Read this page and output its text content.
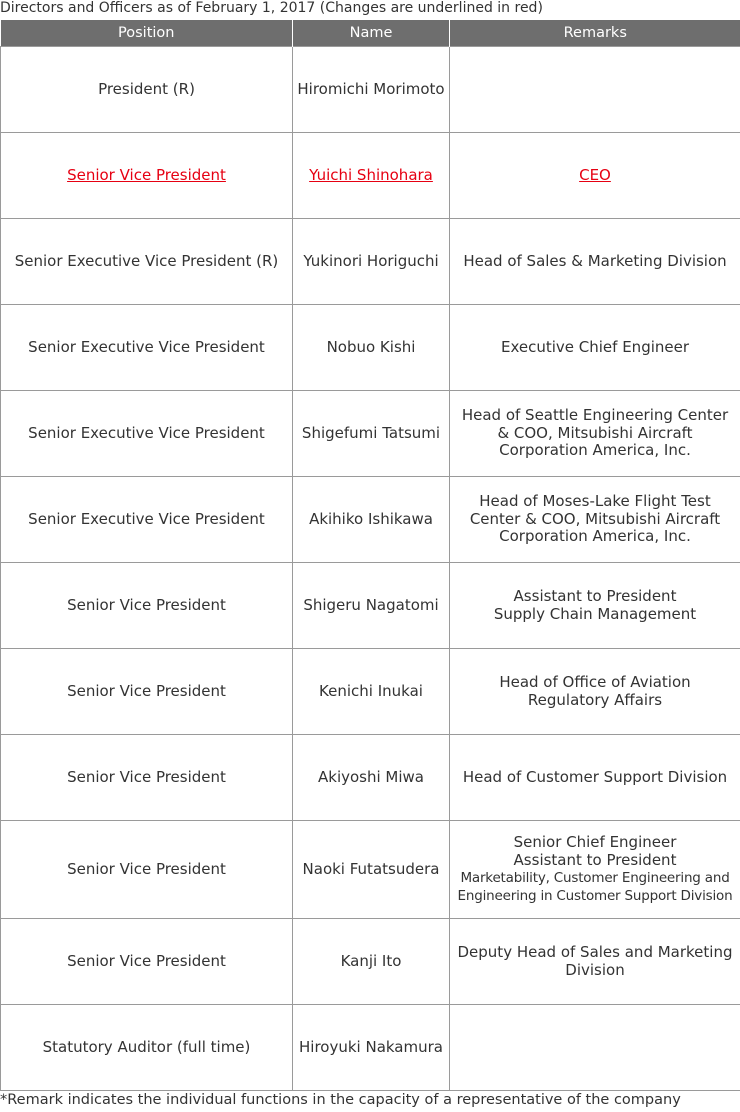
Directors and Officers as of February 1, 2017 (Changes are underlined in red)
Position	Name	Remarks
President (R)	Hiromichi Morimoto	
Senior Vice President	Yuichi Shinohara	CEO
Senior Executive Vice President (R)	Yukinori Horiguchi	Head of Sales & Marketing Division
Senior Executive Vice President	Nobuo Kishi	Executive Chief Engineer
Senior Executive Vice President	Shigefumi Tatsumi	Head of Seattle Engineering Center
& COO, Mitsubishi Aircraft
Corporation America, Inc.

Senior Executive Vice President	Akihiko Ishikawa	Head of Moses-Lake Flight Test
Center & COO, Mitsubishi Aircraft
Corporation America, Inc.

Senior Vice President	Shigeru Nagatomi	Assistant to President
Supply Chain Management

Senior Vice President	Kenichi Inukai	Head of Office of Aviation
Regulatory Affairs

Senior Vice President	Akiyoshi Miwa	Head of Customer Support Division
Senior Vice President	Naoki Futatsudera	Senior Chief Engineer
Assistant to President
Marketability, Customer Engineering and
Engineering in Customer Support Division

Senior Vice President	Kanji Ito	Deputy Head of Sales and Marketing
Division

Statutory Auditor (full time)	Hiroyuki Nakamura	
*Remark indicates the individual functions in the capacity of a representative of the company
